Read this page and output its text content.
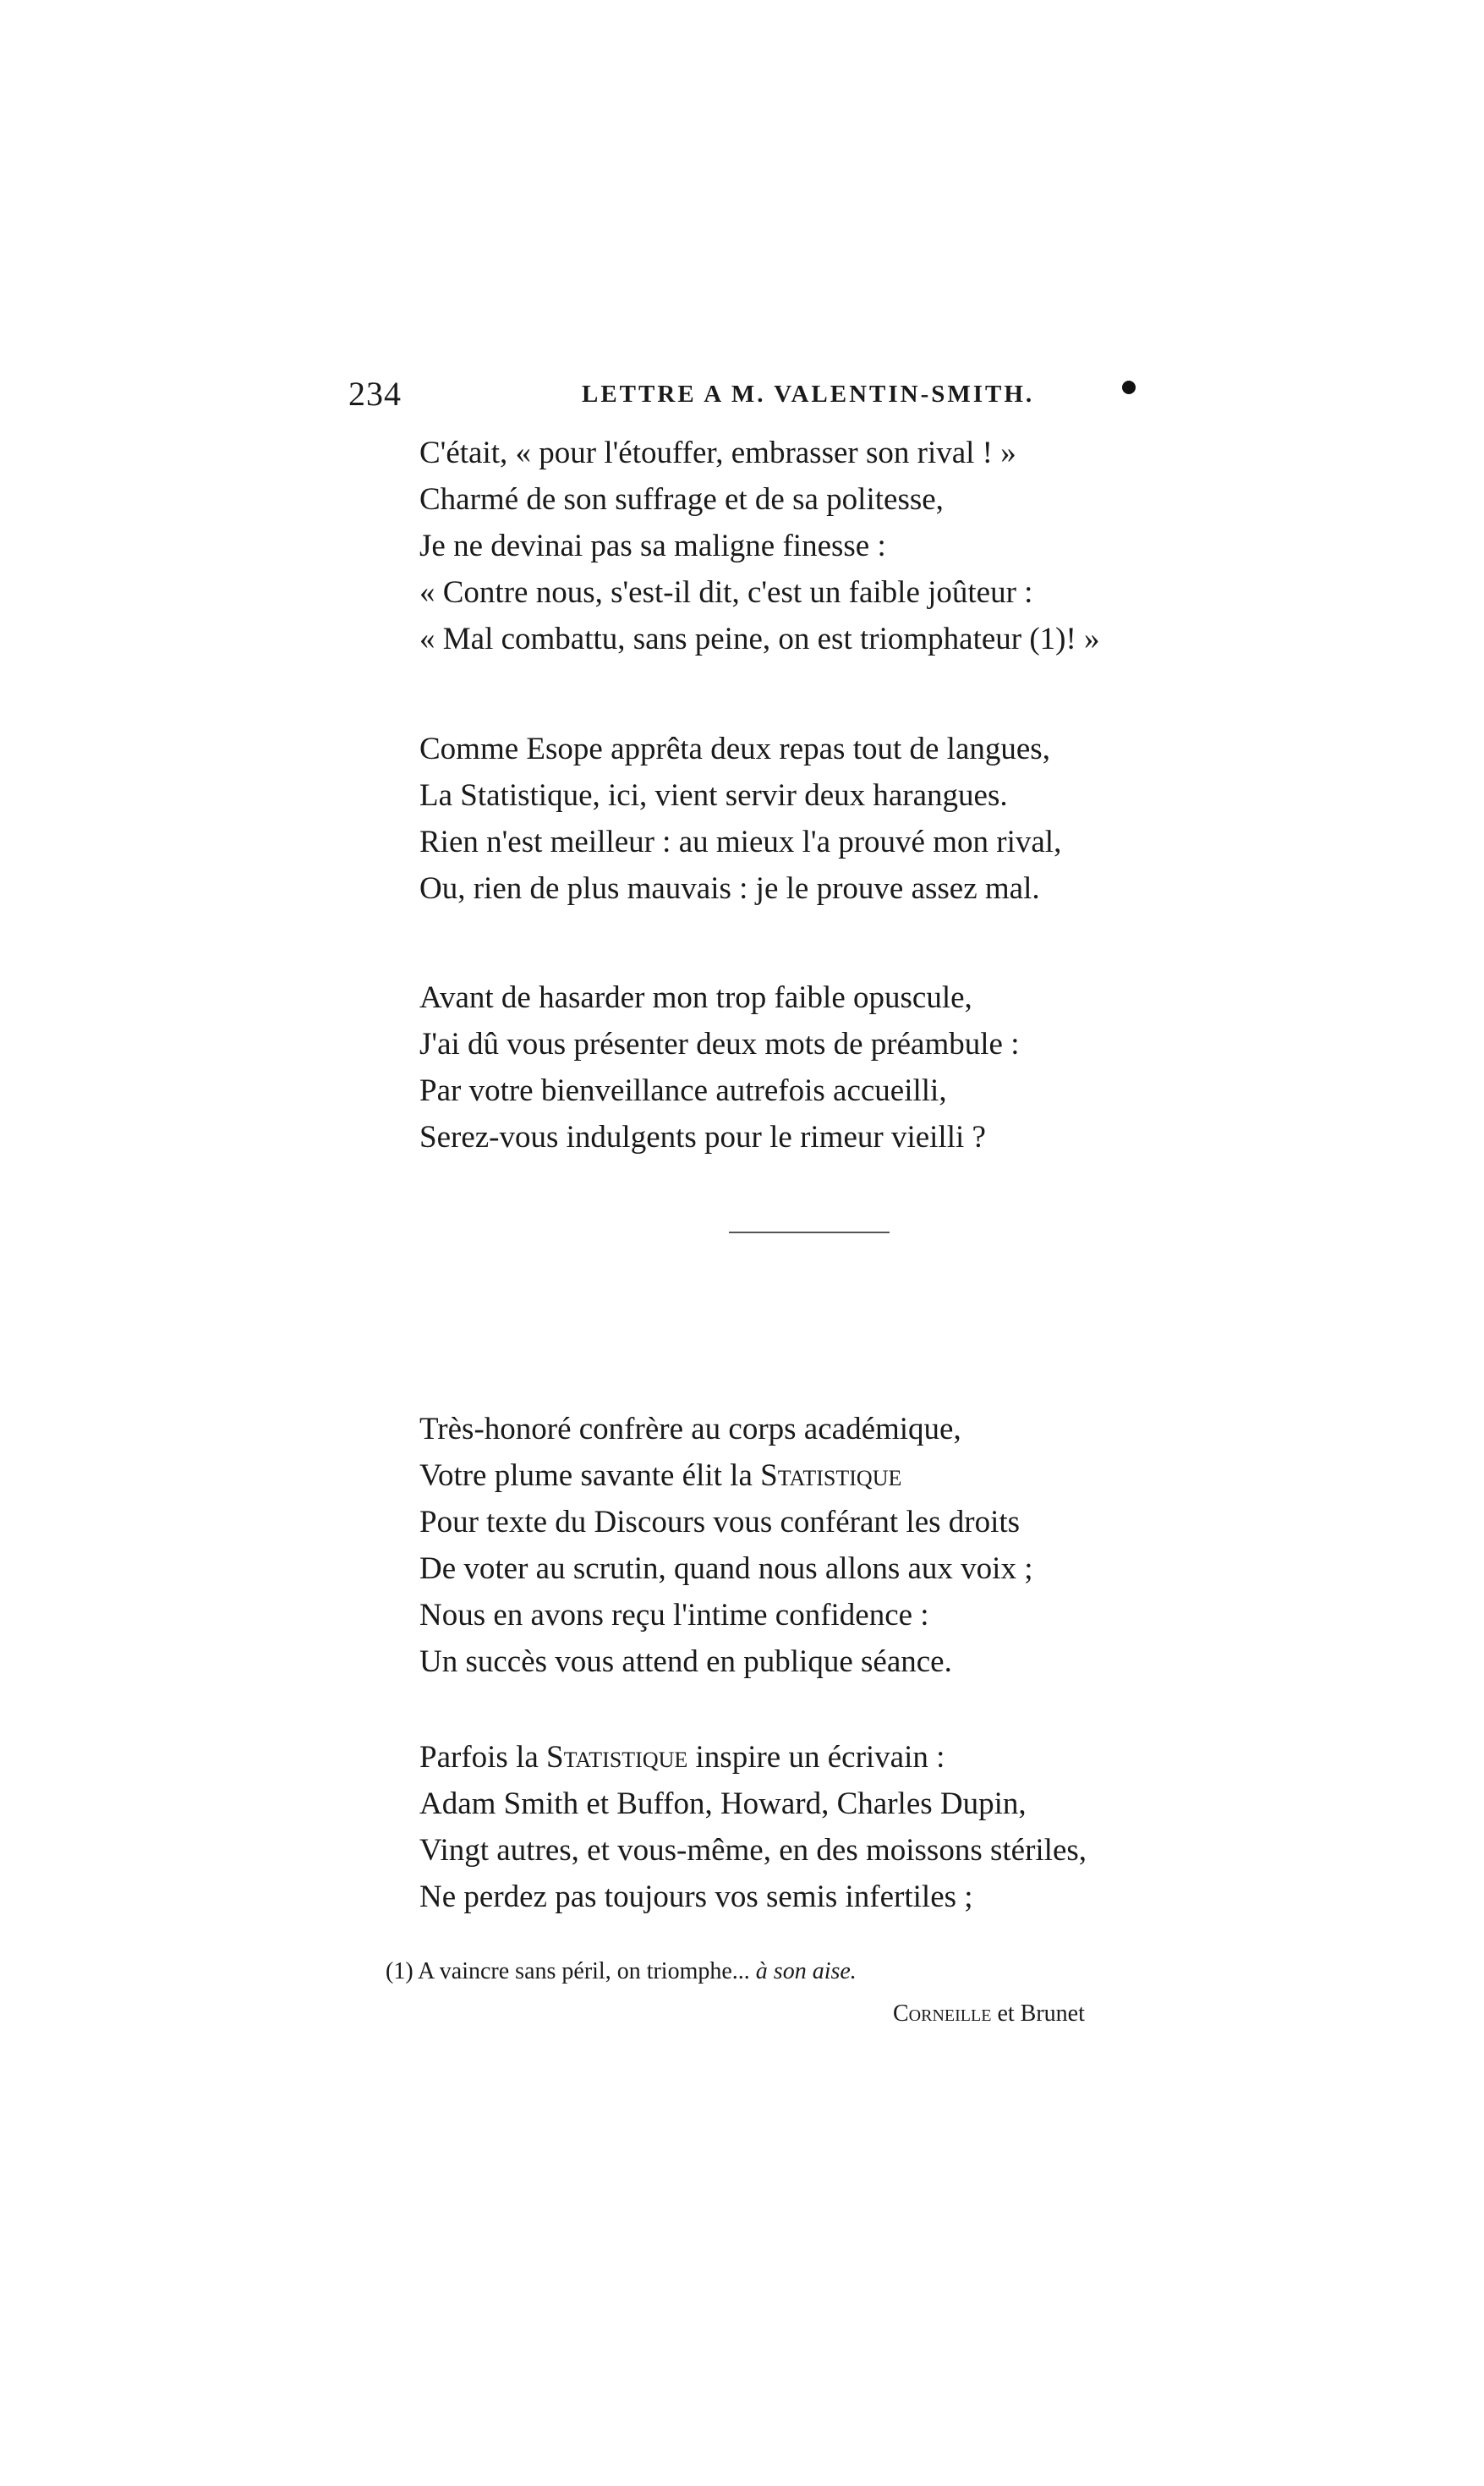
234	LETTRE A M. VALENTIN-SMITH.
C'était, « pour l'étouffer, embrasser son rival ! »
Charmé de son suffrage et de sa politesse,
Je ne devinai pas sa maligne finesse :
« Contre nous, s'est-il dit, c'est un faible joûteur :
« Mal combattu, sans peine, on est triomphateur (1)! »
Comme Esope apprêta deux repas tout de langues,
La Statistique, ici, vient servir deux harangues.
Rien n'est meilleur : au mieux l'a prouvé mon rival,
Ou, rien de plus mauvais : je le prouve assez mal.
Avant de hasarder mon trop faible opuscule,
J'ai dû vous présenter deux mots de préambule :
Par votre bienveillance autrefois accueilli,
Serez-vous indulgents pour le rimeur vieilli ?
Très-honoré confrère au corps académique,
Votre plume savante élit la Statistique
Pour texte du Discours vous conférant les droits
De voter au scrutin, quand nous allons aux voix ;
Nous en avons reçu l'intime confidence :
Un succès vous attend en publique séance.
Parfois la Statistique inspire un écrivain :
Adam Smith et Buffon, Howard, Charles Dupin,
Vingt autres, et vous-même, en des moissons stériles,
Ne perdez pas toujours vos semis infertiles ;
(1) A vaincre sans péril, on triomphe... à son aise.
Corneille et Brunet
